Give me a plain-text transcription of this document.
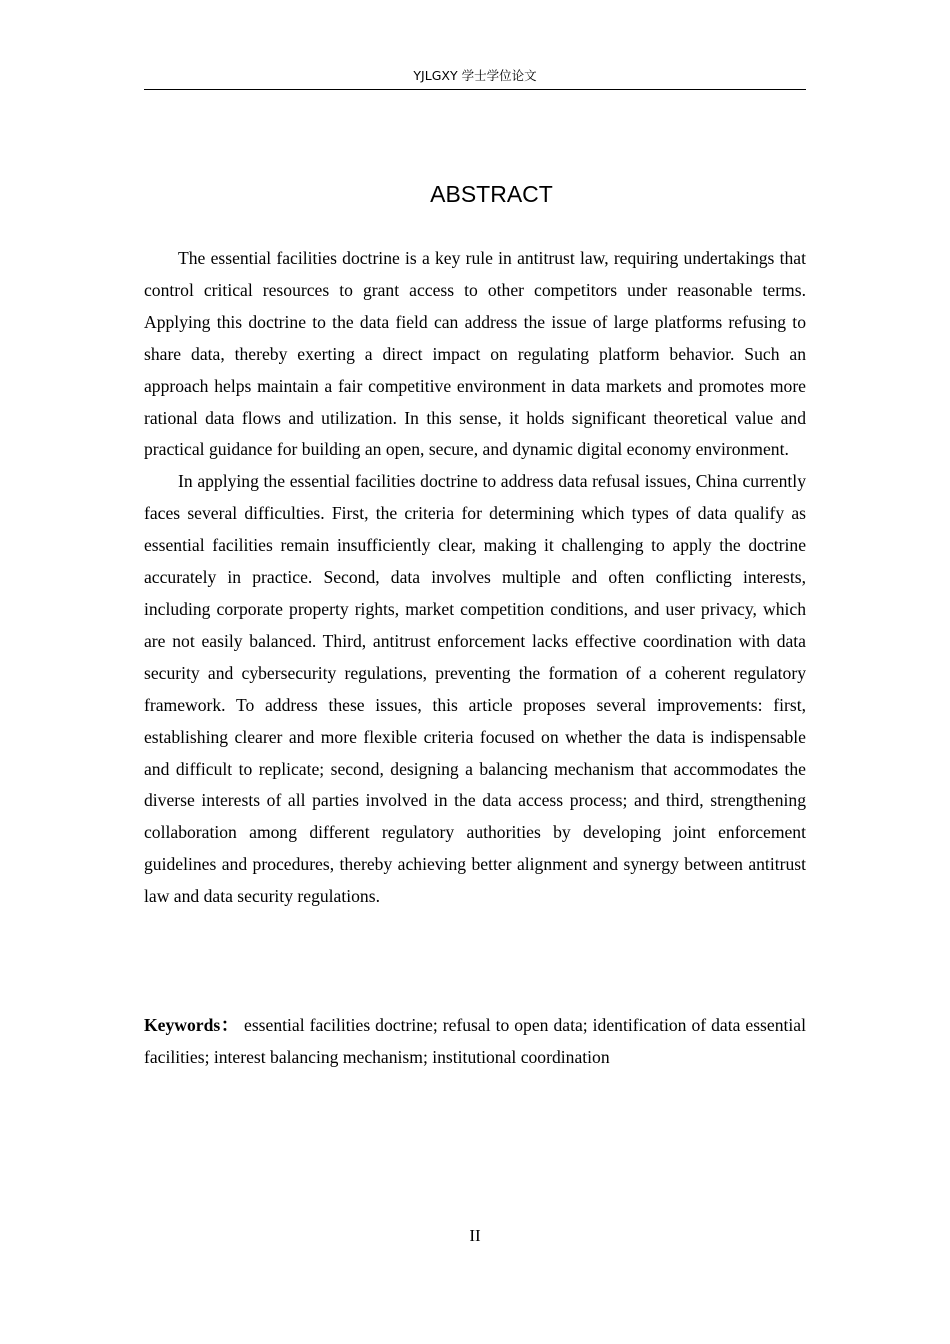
YJLGXY 学士学位论文
ABSTRACT

The essential facilities doctrine is a key rule in antitrust law, requiring undertakings that control critical resources to grant access to other competitors under reasonable terms. Applying this doctrine to the data field can address the issue of large platforms refusing to share data, thereby exerting a direct impact on regulating platform behavior. Such an approach helps maintain a fair competitive environment in data markets and promotes more rational data flows and utilization. In this sense, it holds significant theoretical value and practical guidance for building an open, secure, and dynamic digital economy environment.

In applying the essential facilities doctrine to address data refusal issues, China currently faces several difficulties. First, the criteria for determining which types of data qualify as essential facilities remain insufficiently clear, making it challenging to apply the doctrine accurately in practice. Second, data involves multiple and often conflicting interests, including corporate property rights, market competition conditions, and user privacy, which are not easily balanced. Third, antitrust enforcement lacks effective coordination with data security and cybersecurity regulations, preventing the formation of a coherent regulatory framework. To address these issues, this article proposes several improvements: first, establishing clearer and more flexible criteria focused on whether the data is indispensable and difficult to replicate; second, designing a balancing mechanism that accommodates the diverse interests of all parties involved in the data access process; and third, strengthening collaboration among different regulatory authorities by developing joint enforcement guidelines and procedures, thereby achieving better alignment and synergy between antitrust law and data security regulations.

Keywords： essential facilities doctrine; refusal to open data; identification of data essential facilities; interest balancing mechanism; institutional coordination

II
